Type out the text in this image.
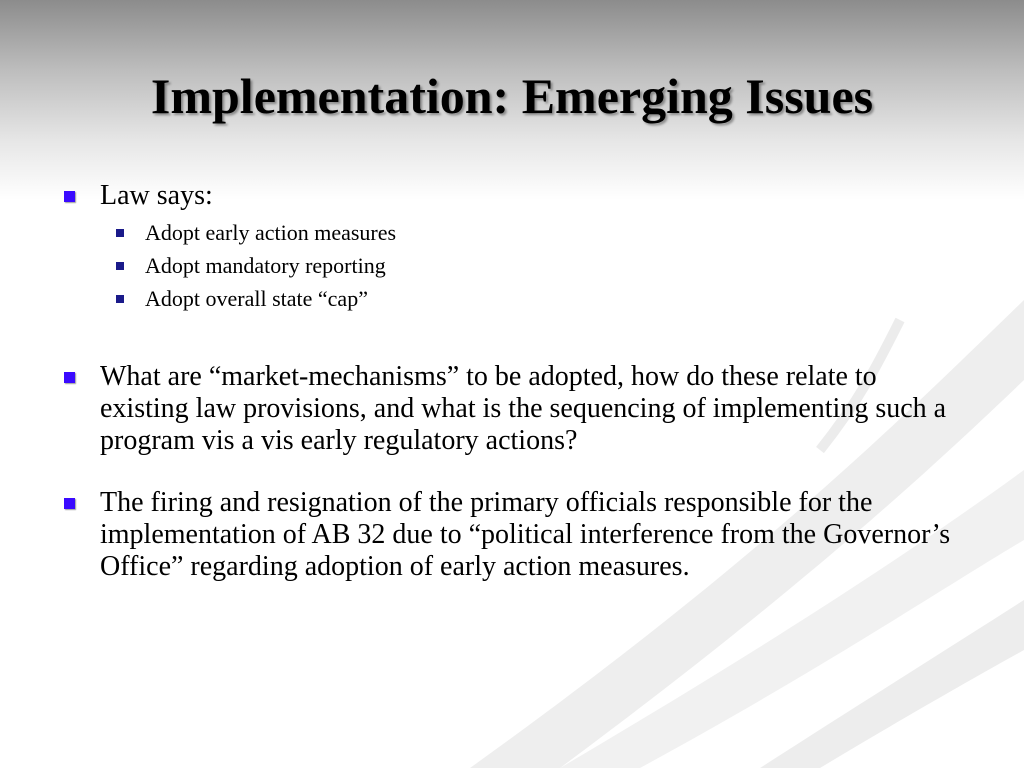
Implementation: Emerging Issues
Law says:
Adopt early action measures
Adopt mandatory reporting
Adopt overall state “cap”
What are “market-mechanisms” to be adopted, how do these relate to existing law provisions, and what is the sequencing of implementing such a program vis a vis early regulatory actions?
The firing and resignation of the primary officials responsible for the implementation of AB 32 due to “political interference from the Governor’s Office” regarding adoption of early action measures.
